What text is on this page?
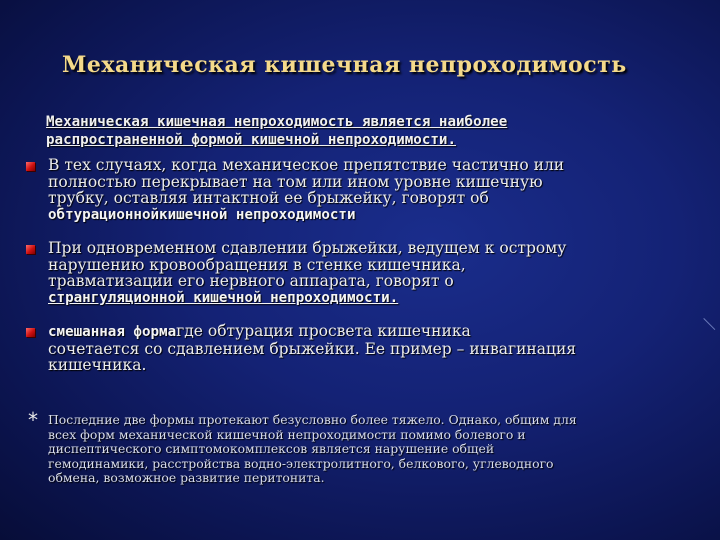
Механическая кишечная непроходимость
Механическая кишечная непроходимость является наиболее
распространенной формой кишечной непроходимости.
В тех случаях, когда механическое препятствие частично или
полностью перекрывает на том или ином уровне кишечную
трубку, оставляя интактной ее брыжейку, говорят об
обтурационнойкишечной непроходимости
При одновременном сдавлении брыжейки, ведущем к острому
нарушению кровообращения в стенке кишечника,
травматизации его нервного аппарата, говорят о
странгуляционной кишечной непроходимости.
смешанная формагде обтурация просвета кишечника
сочетается со сдавлением брыжейки. Ее пример – инвагинация
кишечника.
* Последние две формы протекают безусловно более тяжело. Однако, общим для
всех форм механической кишечной непроходимости помимо болевого и
диспептического симптомокомплексов является нарушение общей
гемодинамики, расстройства водно-электролитного, белкового, углеводного
обмена, возможное развитие перитонита.
